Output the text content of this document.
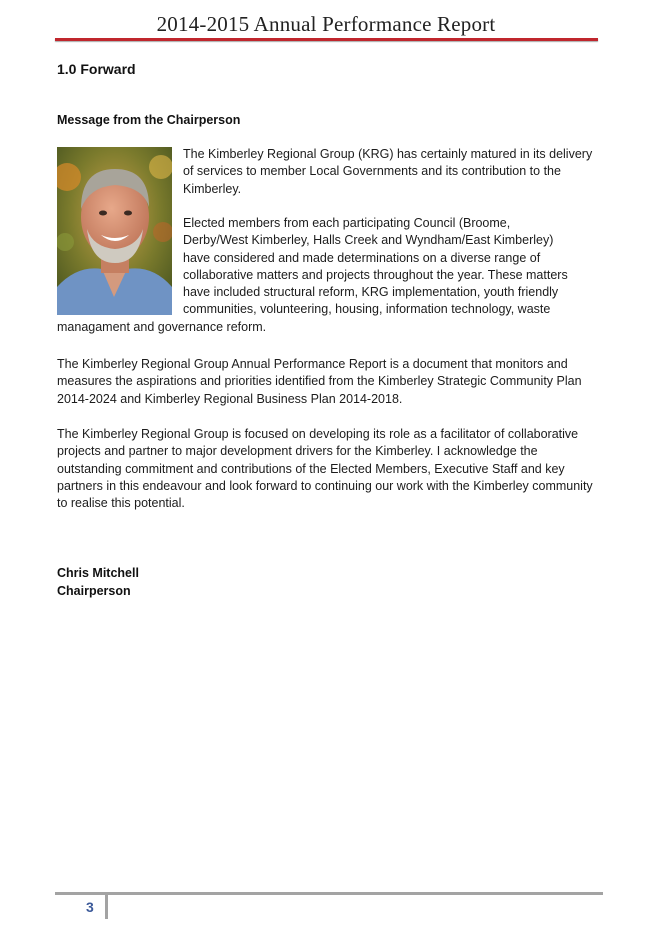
2014-2015 Annual Performance Report
1.0 Forward
Message from the Chairperson

The Kimberley Regional Group (KRG) has certainly matured in its delivery of services to member Local Governments and its contribution to the Kimberley.

Elected members from each participating Council (Broome,
Derby/West Kimberley, Halls Creek and Wyndham/East Kimberley)
have considered and made determinations on a diverse range of
collaborative matters and projects throughout the year. These matters
have included structural reform, KRG implementation, youth friendly
communities, volunteering, housing, information technology, waste
managament and governance reform.

The Kimberley Regional Group Annual Performance Report is a document that monitors and measures the aspirations and priorities identified from the Kimberley Strategic Community Plan 2014-2024 and Kimberley Regional Business Plan 2014-2018.

The Kimberley Regional Group is focused on developing its role as a facilitator of collaborative projects and partner to major development drivers for the Kimberley. I acknowledge the outstanding commitment and contributions of the Elected Members, Executive Staff and key partners in this endeavour and look forward to continuing our work with the Kimberley community to realise this potential.

Chris Mitchell
Chairperson
3
